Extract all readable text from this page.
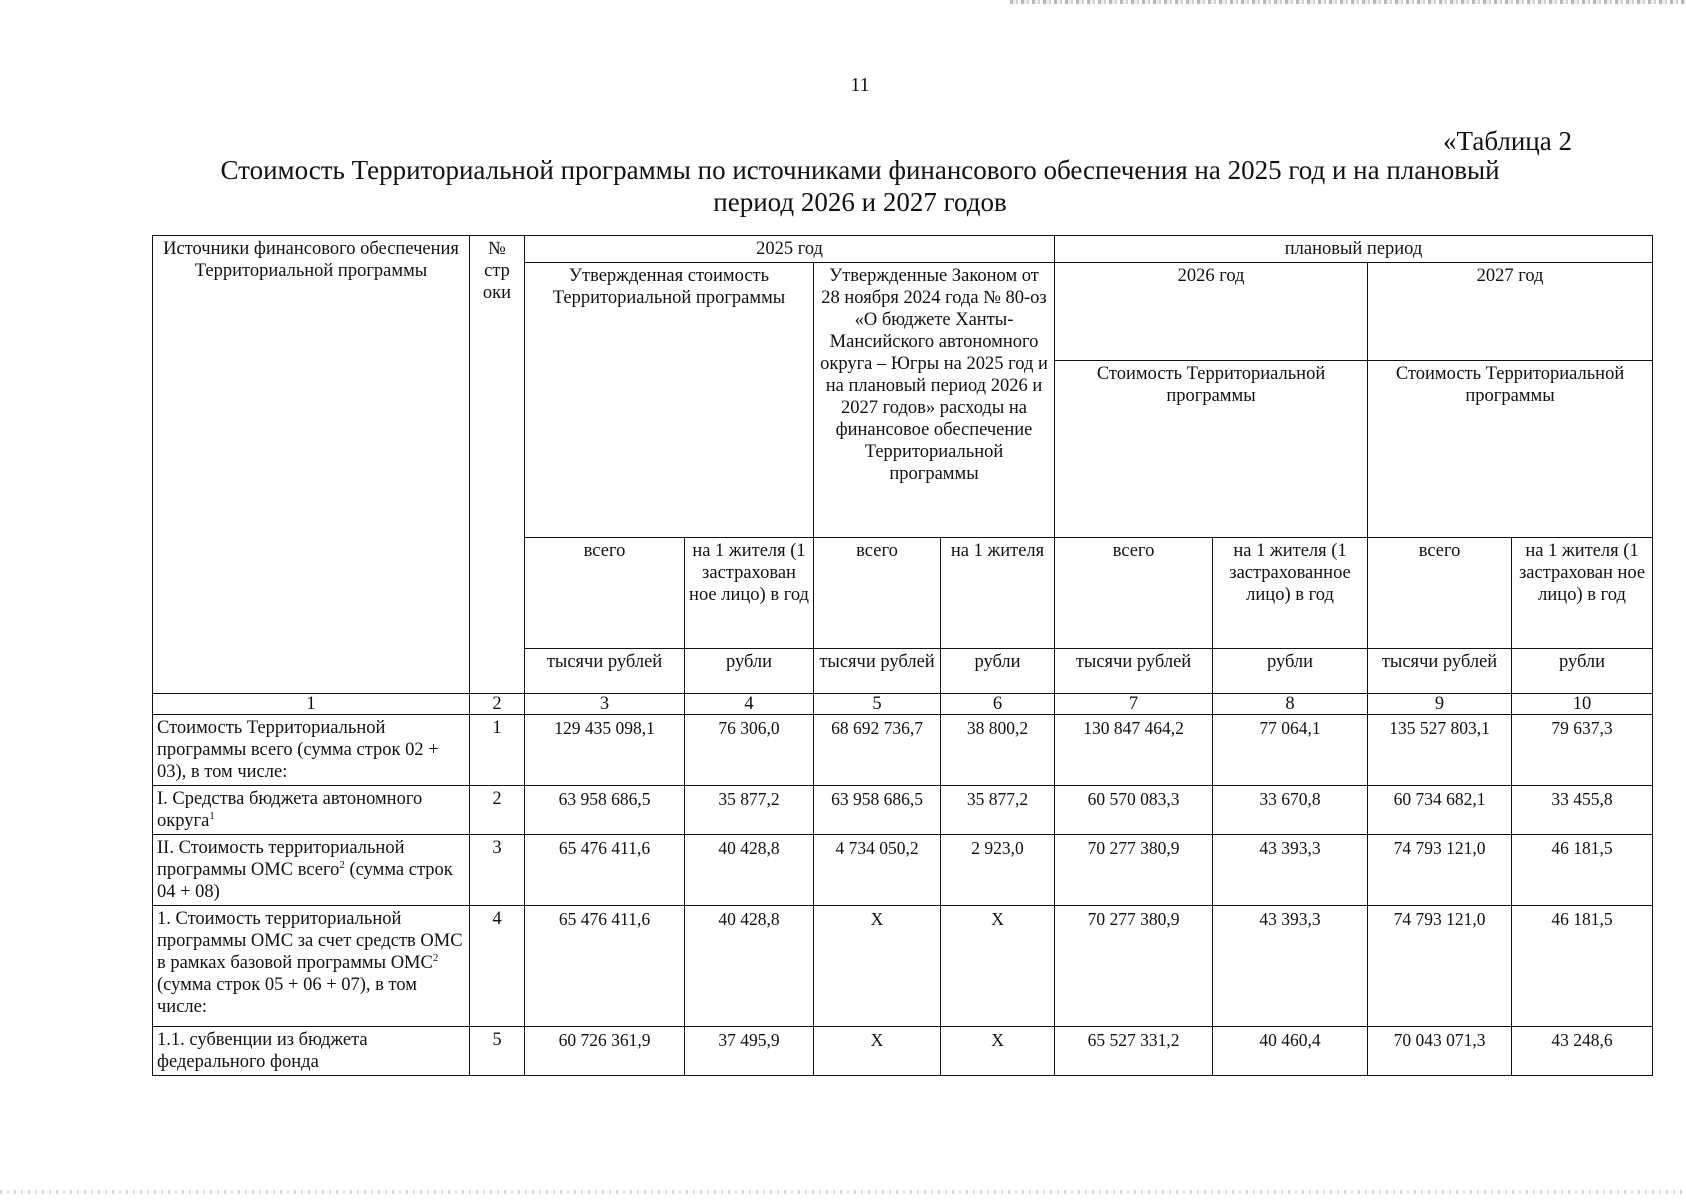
11
«Таблица 2
Стоимость Территориальной программы по источниками финансового обеспечения на 2025 год и на плановый
период 2026 и 2027 годов
Источники финансового обеспечения Территориальной программы	№ стр оки	2025 год				плановый период			
		Утвержденная стоимость Территориальной программы		Утвержденные Законом от 28 ноября 2024 года № 80-оз «О бюджете Ханты-Мансийского автономного округа – Югры на 2025 год и на плановый период 2026 и 2027 годов» расходы на финансовое обеспечение Территориальной программы		2026 год		2027 год	
						Стоимость Территориальной программы		Стоимость Территориальной программы	
		всего	на 1 жителя (1 застрахован ное лицо) в год	всего	на 1 жителя	всего	на 1 жителя (1 застрахованное лицо) в год	всего	на 1 жителя (1 застрахован ное лицо) в год
		тысячи рублей	рубли	тысячи рублей	рубли	тысячи рублей	рубли	тысячи рублей	рубли
1	2	3	4	5	6	7	8	9	10
Стоимость Территориальной программы всего (сумма строк 02 + 03), в том числе:	1	129 435 098,1	76 306,0	68 692 736,7	38 800,2	130 847 464,2	77 064,1	135 527 803,1	79 637,3
I. Средства бюджета автономного округа$^1$	2	63 958 686,5	35 877,2	63 958 686,5	35 877,2	60 570 083,3	33 670,8	60 734 682,1	33 455,8
II. Стоимость территориальной программы ОМС всего$^2$ (сумма строк 04 + 08)	3	65 476 411,6	40 428,8	4 734 050,2	2 923,0	70 277 380,9	43 393,3	74 793 121,0	46 181,5
1. Стоимость территориальной программы ОМС за счет средств ОМС в рамках базовой программы ОМС$^2$ (сумма строк 05 + 06 + 07), в том числе:	4	65 476 411,6	40 428,8	X	X	70 277 380,9	43 393,3	74 793 121,0	46 181,5
1.1. субвенции из бюджета федерального фонда	5	60 726 361,9	37 495,9	X	X	65 527 331,2	40 460,4	70 043 071,3	43 248,6
